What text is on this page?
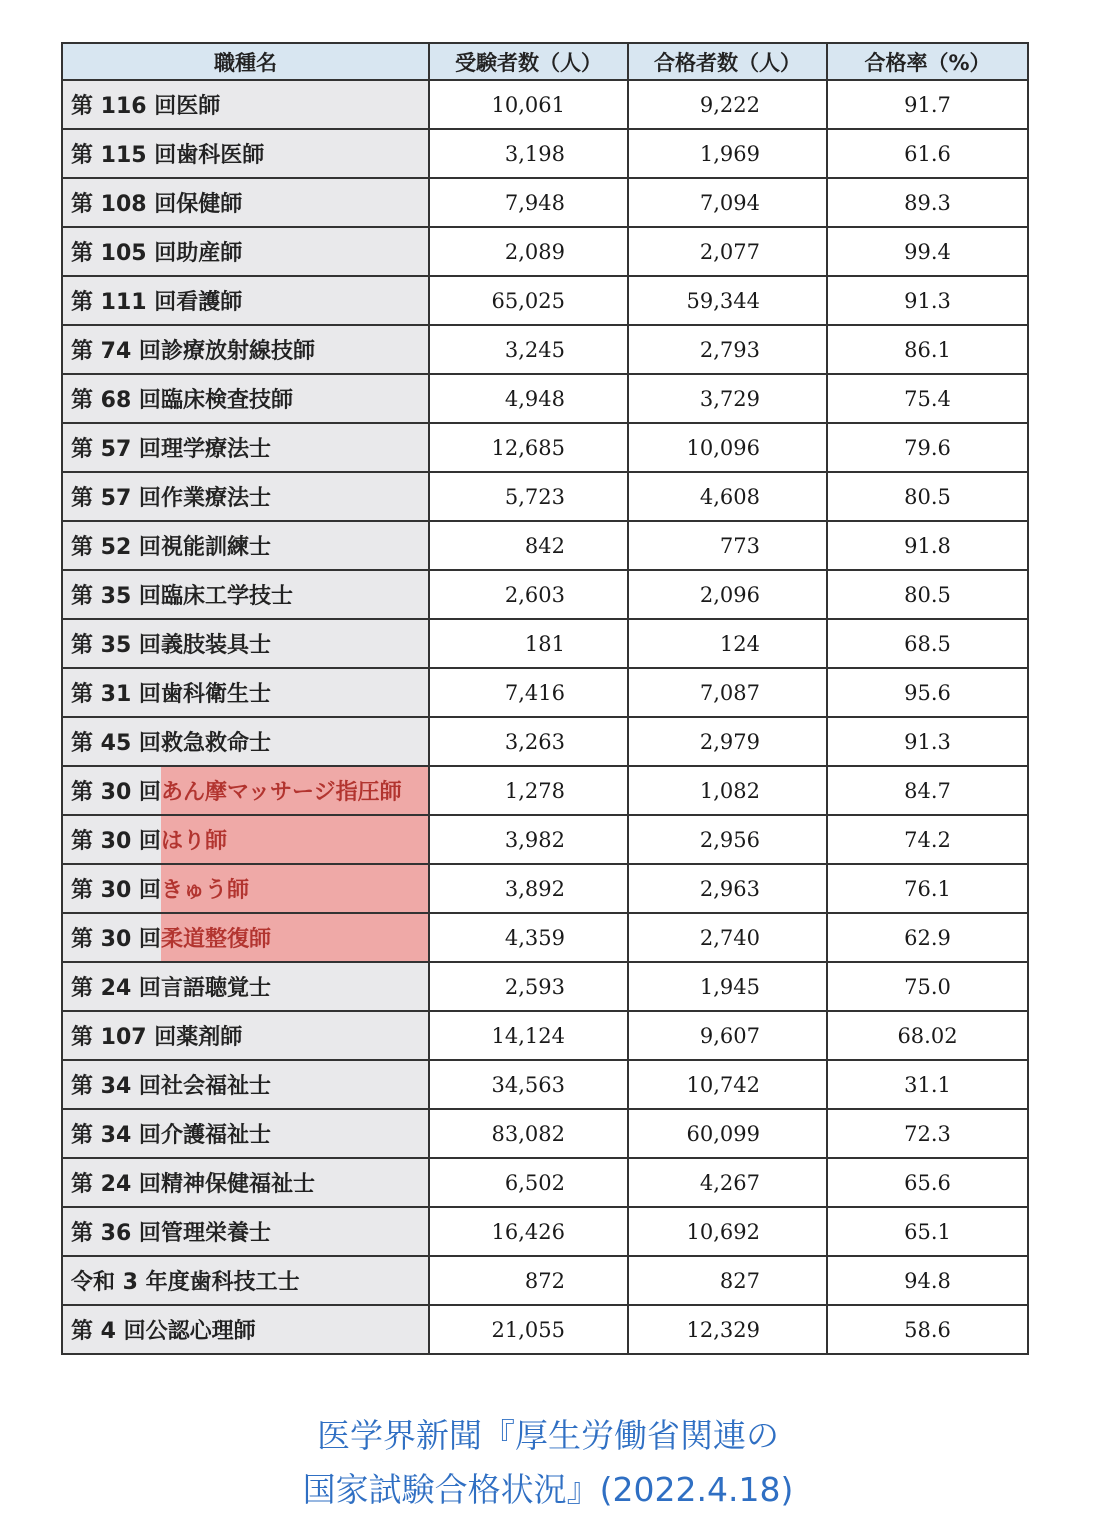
職種名	受験者数（人）	合格者数（人）	合格率（%）

第 116 回 医師	10,061	9,222	91.7

第 115 回 歯科医師	3,198	1,969	61.6

第 108 回 保健師	7,948	7,094	89.3

第 105 回 助産師	2,089	2,077	99.4

第 111 回 看護師	65,025	59,344	91.3

第 74 回 診療放射線技師	3,245	2,793	86.1

第 68 回 臨床検査技師	4,948	3,729	75.4

第 57 回 理学療法士	12,685	10,096	79.6

第 57 回 作業療法士	5,723	4,608	80.5

第 52 回 視能訓練士	842	773	91.8

第 35 回 臨床工学技士	2,603	2,096	80.5

第 35 回 義肢装具士	181	124	68.5

第 31 回 歯科衛生士	7,416	7,087	95.6

第 45 回 救急救命士	3,263	2,979	91.3

第 30 回 あん摩マッサージ指圧師	1,278	1,082	84.7

第 30 回 はり師	3,982	2,956	74.2

第 30 回 きゅう師	3,892	2,963	76.1

第 30 回 柔道整復師	4,359	2,740	62.9

第 24 回 言語聴覚士	2,593	1,945	75.0

第 107 回 薬剤師	14,124	9,607	68.02

第 34 回 社会福祉士	34,563	10,742	31.1

第 34 回 介護福祉士	83,082	60,099	72.3

第 24 回 精神保健福祉士	6,502	4,267	65.6

第 36 回 管理栄養士	16,426	10,692	65.1

令和 3 年度 歯科技工士	872	827	94.8

第 4 回 公認心理師	21,055	12,329	58.6
医学界新聞『厚生労働省関連の
国家試験合格状況』(2022.4.18)
